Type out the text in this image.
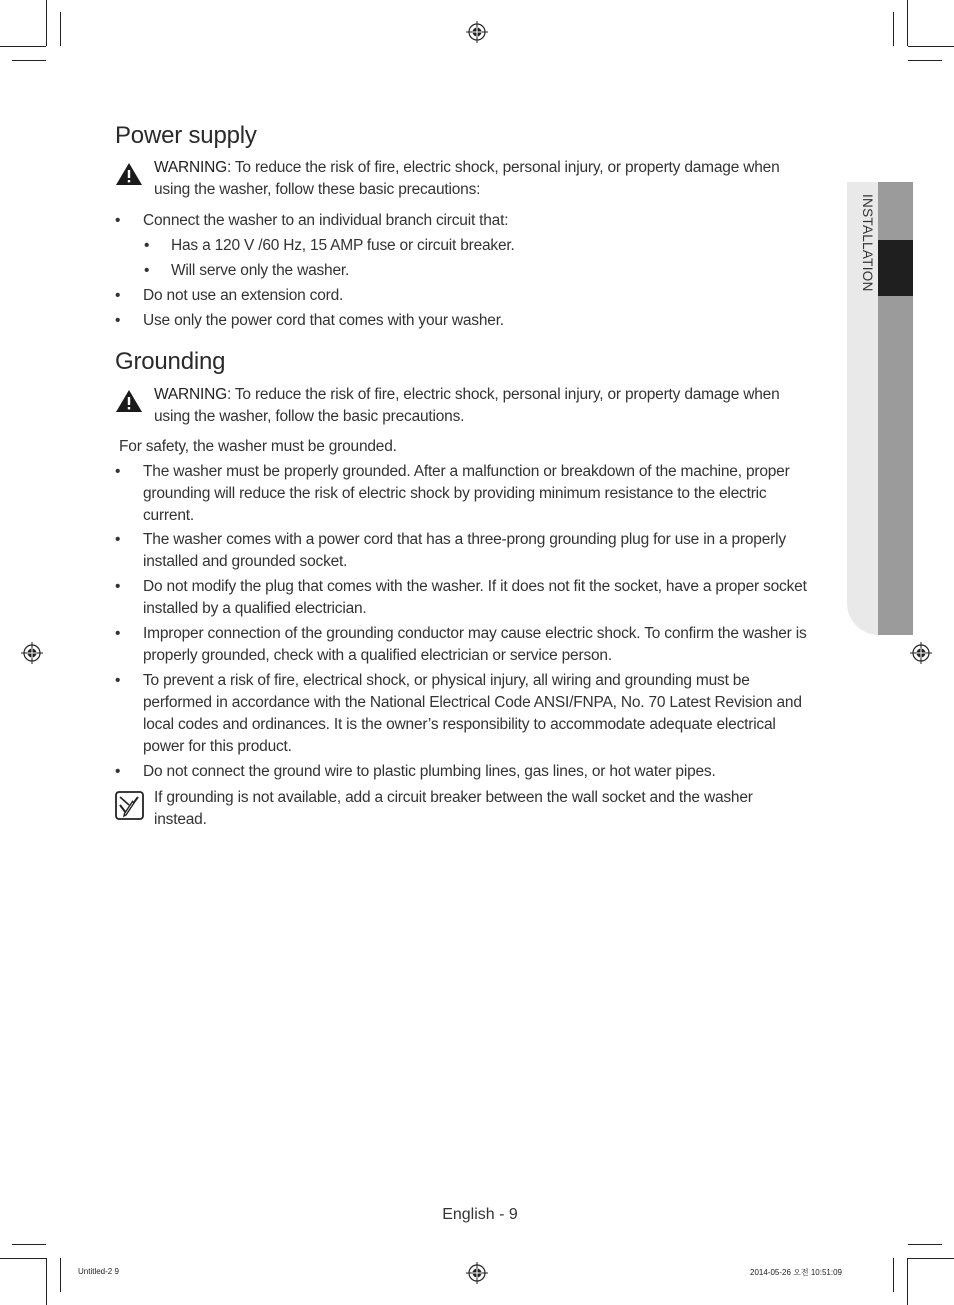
INSTALLATION
Power supply
WARNING: To reduce the risk of fire, electric shock, personal injury, or property damage when using the washer, follow these basic precautions:
• Connect the washer to an individual branch circuit that:
• Has a 120 V /60 Hz, 15 AMP fuse or circuit breaker.
• Will serve only the washer.
• Do not use an extension cord.
• Use only the power cord that comes with your washer.
Grounding
WARNING: To reduce the risk of fire, electric shock, personal injury, or property damage when using the washer, follow the basic precautions.
For safety, the washer must be grounded.
• The washer must be properly grounded. After a malfunction or breakdown of the machine, proper grounding will reduce the risk of electric shock by providing minimum resistance to the electric current.
• The washer comes with a power cord that has a three-prong grounding plug for use in a properly installed and grounded socket.
• Do not modify the plug that comes with the washer. If it does not fit the socket, have a proper socket installed by a qualified electrician.
• Improper connection of the grounding conductor may cause electric shock. To confirm the washer is properly grounded, check with a qualified electrician or service person.
• To prevent a risk of fire, electrical shock, or physical injury, all wiring and grounding must be performed in accordance with the National Electrical Code ANSI/FNPA, No. 70 Latest Revision and local codes and ordinances. It is the owner’s responsibility to accommodate adequate electrical power for this product.
• Do not connect the ground wire to plastic plumbing lines, gas lines, or hot water pipes.
If grounding is not available, add a circuit breaker between the wall socket and the washer instead.
English - 9
Untitled-2 9	2014-05-26 오전 10:51:09
